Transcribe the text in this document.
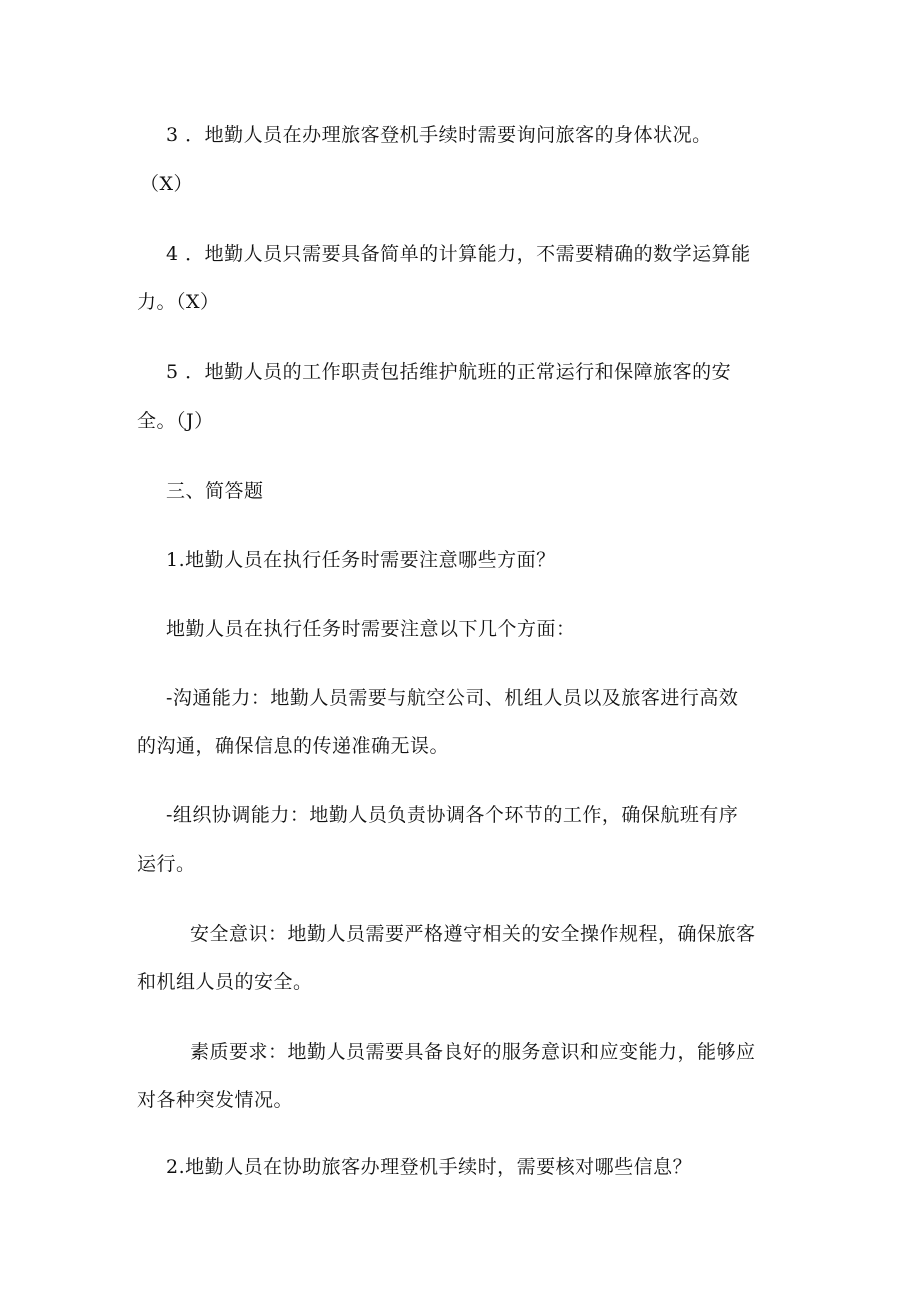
3 ．地勤人员在办理旅客登机手续时需要询问旅客的身体状况。
（X）
4 ．地勤人员只需要具备简单的计算能力，不需要精确的数学运算能
力。（X）
5 ．地勤人员的工作职责包括维护航班的正常运行和保障旅客的安
全。（J）
三、简答题
1.地勤人员在执行任务时需要注意哪些方面？
地勤人员在执行任务时需要注意以下几个方面：
-沟通能力：地勤人员需要与航空公司、机组人员以及旅客进行高效
的沟通，确保信息的传递准确无误。
-组织协调能力：地勤人员负责协调各个环节的工作，确保航班有序
运行。
安全意识：地勤人员需要严格遵守相关的安全操作规程，确保旅客
和机组人员的安全。
素质要求：地勤人员需要具备良好的服务意识和应变能力，能够应
对各种突发情况。
2.地勤人员在协助旅客办理登机手续时，需要核对哪些信息？
